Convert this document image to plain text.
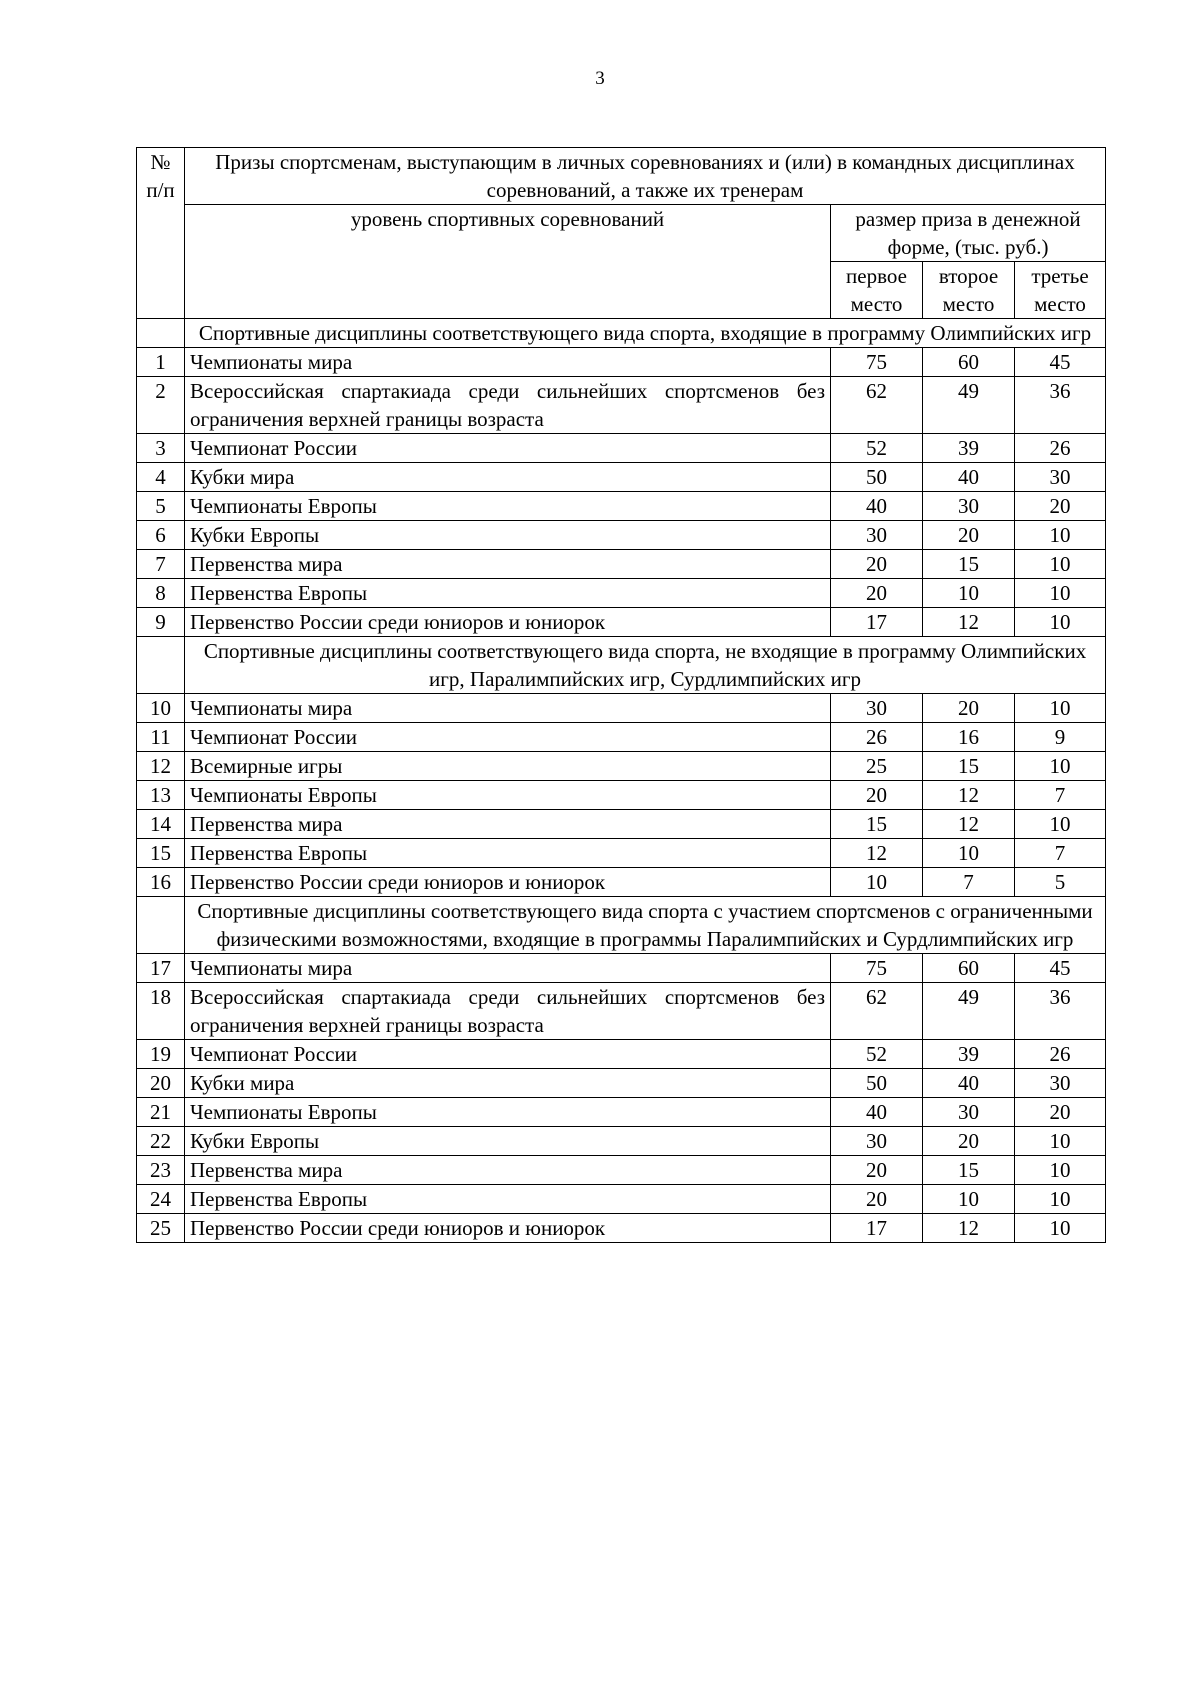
3
№ п/п	Призы спортсменам, выступающим в личных соревнованиях и (или) в командных дисциплинах соревнований, а также их тренерам			
	уровень спортивных соревнований	размер приза в денежной форме, (тыс. руб.)		
		первое место	второе место	третье место
	Спортивные дисциплины соответствующего вида спорта, входящие в программу Олимпийских игр			
1	Чемпионаты мира	75	60	45
2	Всероссийская спартакиада среди сильнейших спортсменов без ограничения верхней границы возраста	62	49	36
3	Чемпионат России	52	39	26
4	Кубки мира	50	40	30
5	Чемпионаты Европы	40	30	20
6	Кубки Европы	30	20	10
7	Первенства мира	20	15	10
8	Первенства Европы	20	10	10
9	Первенство России среди юниоров и юниорок	17	12	10
	Спортивные дисциплины соответствующего вида спорта, не входящие в программу Олимпийских игр, Паралимпийских игр, Сурдлимпийских игр			
10	Чемпионаты мира	30	20	10
11	Чемпионат России	26	16	9
12	Всемирные игры	25	15	10
13	Чемпионаты Европы	20	12	7
14	Первенства мира	15	12	10
15	Первенства Европы	12	10	7
16	Первенство России среди юниоров и юниорок	10	7	5
	Спортивные дисциплины соответствующего вида спорта с участием спортсменов с ограниченными физическими возможностями, входящие в программы Паралимпийских и Сурдлимпийских игр			
17	Чемпионаты мира	75	60	45
18	Всероссийская спартакиада среди сильнейших спортсменов без ограничения верхней границы возраста	62	49	36
19	Чемпионат России	52	39	26
20	Кубки мира	50	40	30
21	Чемпионаты Европы	40	30	20
22	Кубки Европы	30	20	10
23	Первенства мира	20	15	10
24	Первенства Европы	20	10	10
25	Первенство России среди юниоров и юниорок	17	12	10
